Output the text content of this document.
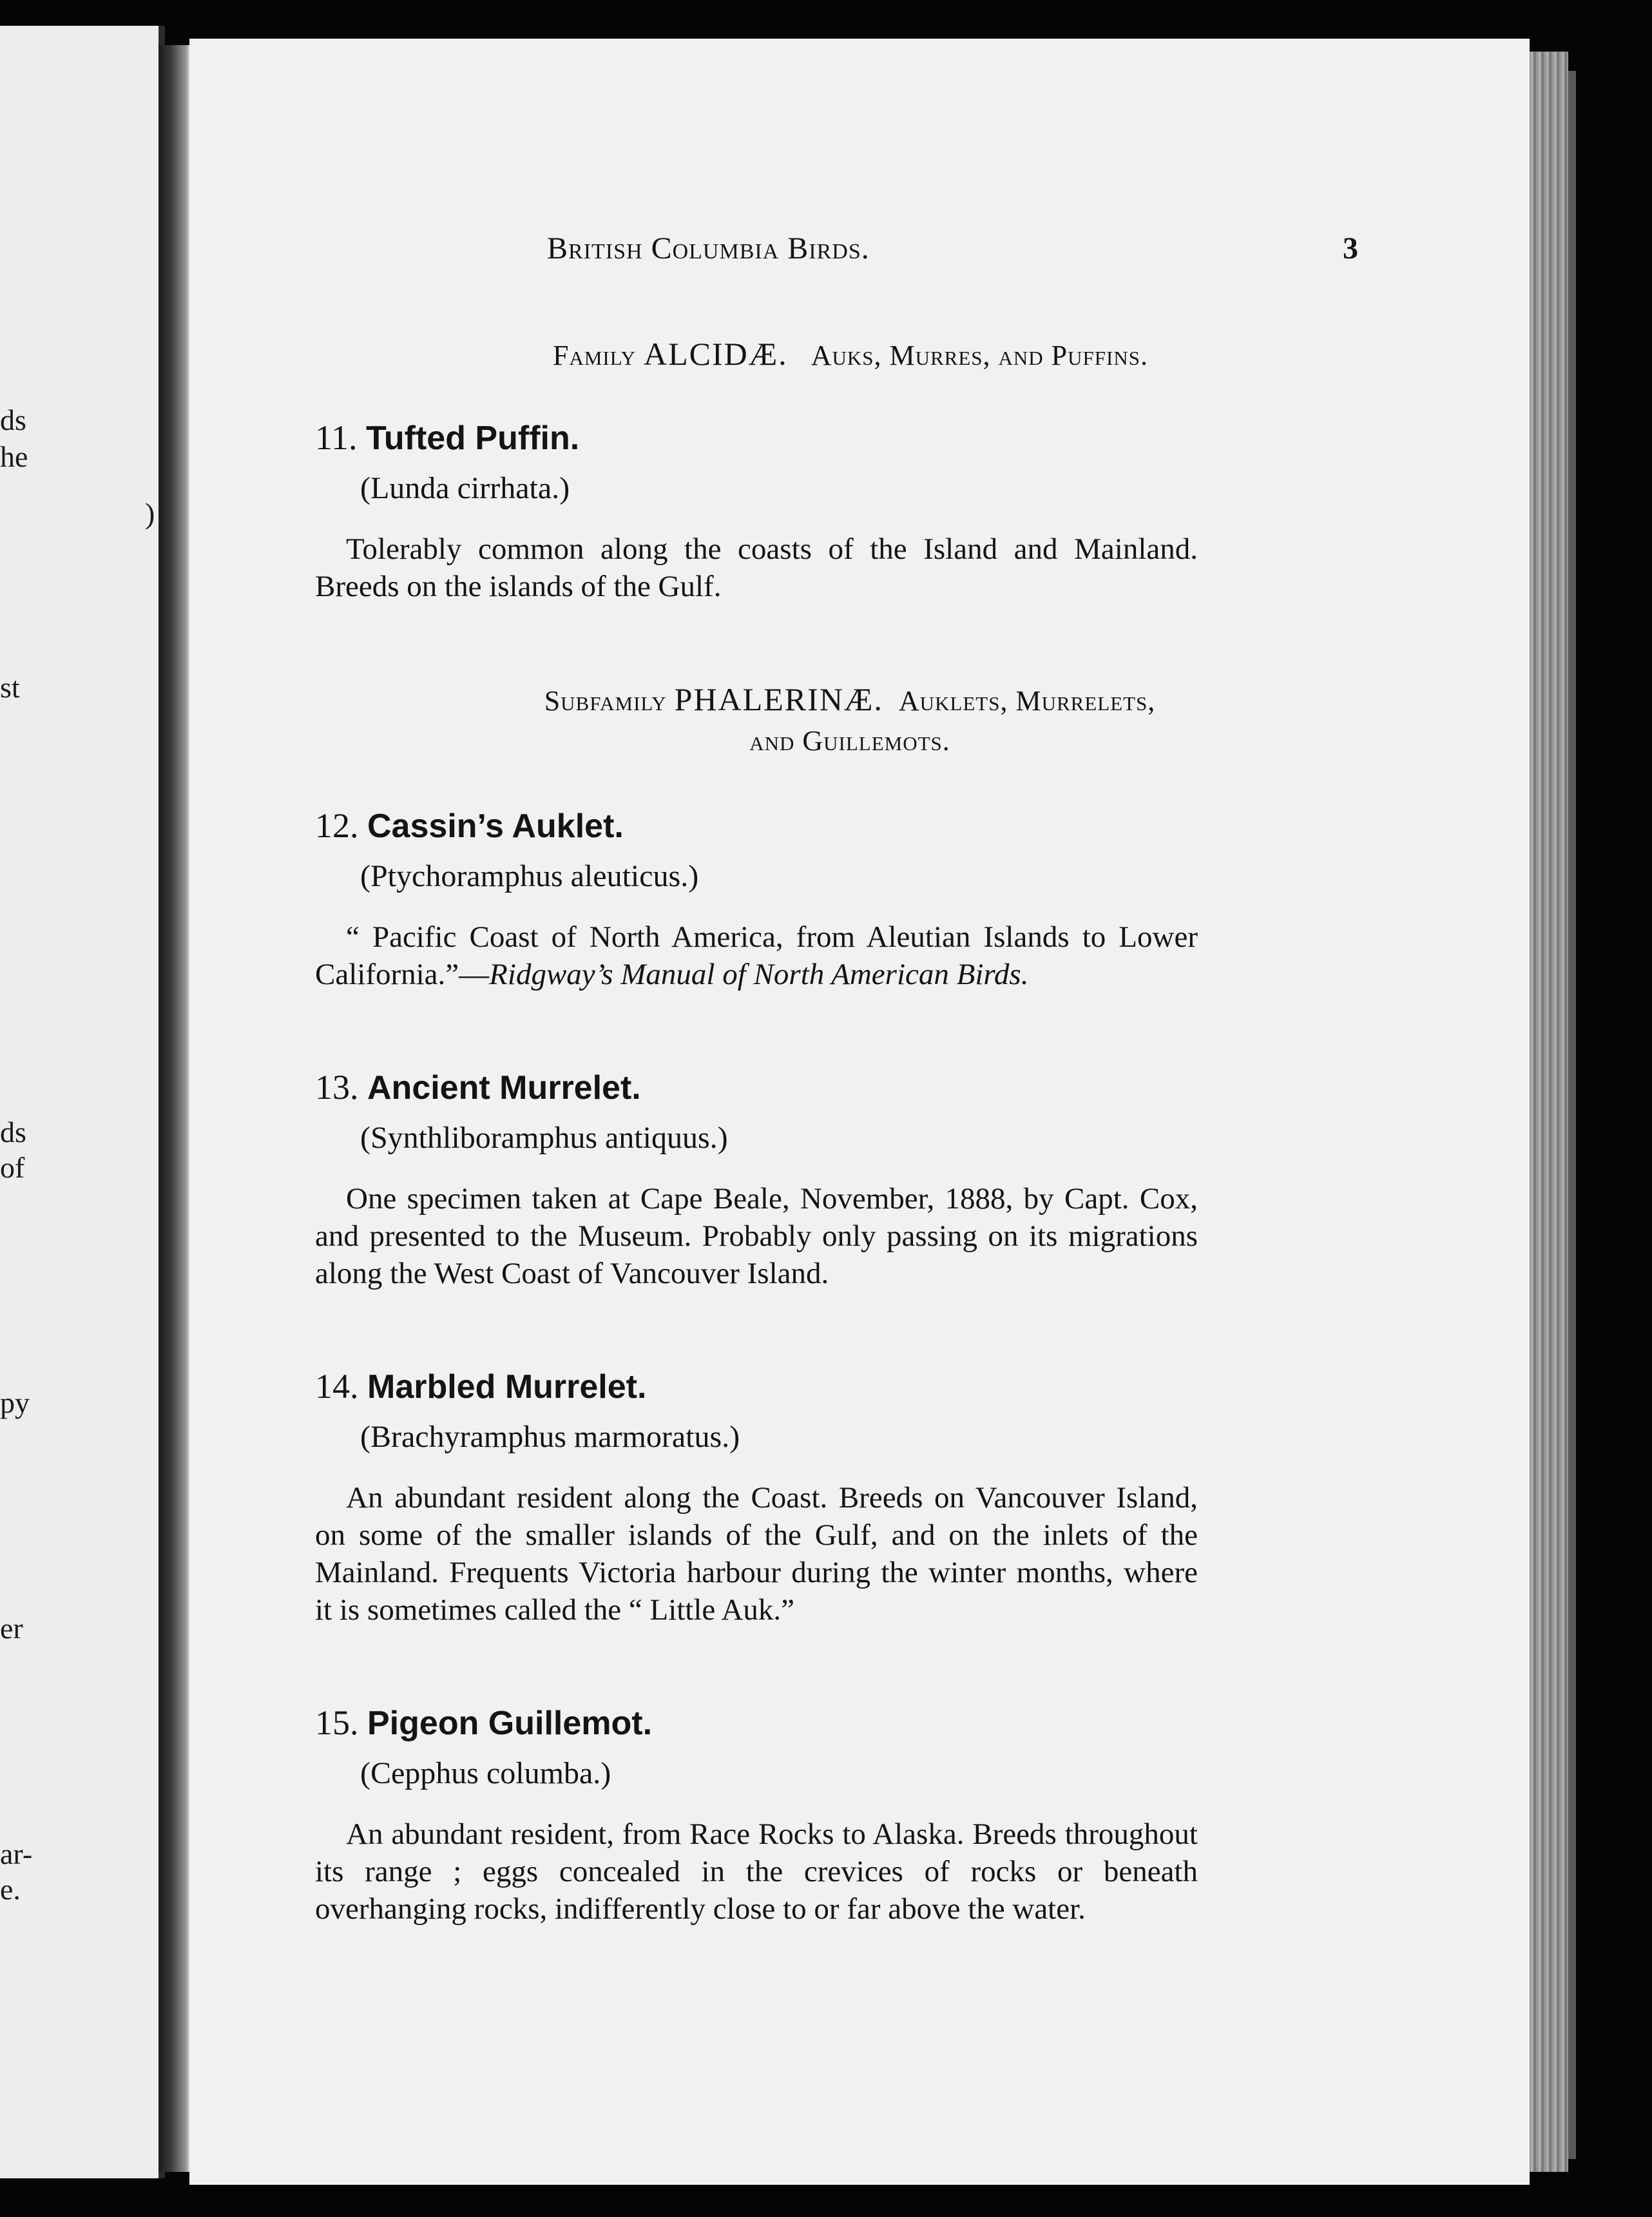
ds
he
)
st
ds
of
py
er
ar-
e.
British Columbia Birds.	3
Family ALCIDÆ. Auks, Murres, and Puffins.
11. Tufted Puffin.
(Lunda cirrhata.)
Tolerably common along the coasts of the Island and Mainland. Breeds on the islands of the Gulf.
Subfamily PHALERINÆ. Auklets, Murrelets,
and Guillemots.
12. Cassin’s Auklet.
(Ptychoramphus aleuticus.)
“ Pacific Coast of North America, from Aleutian Islands to Lower California.”—Ridgway’s Manual of North American Birds.
13. Ancient Murrelet.
(Synthliboramphus antiquus.)
One specimen taken at Cape Beale, November, 1888, by Capt. Cox, and presented to the Museum. Probably only passing on its migrations along the West Coast of Vancouver Island.
14. Marbled Murrelet.
(Brachyramphus marmoratus.)
An abundant resident along the Coast. Breeds on Vancouver Island, on some of the smaller islands of the Gulf, and on the inlets of the Mainland. Frequents Victoria harbour during the winter months, where it is sometimes called the “ Little Auk.”
15. Pigeon Guillemot.
(Cepphus columba.)
An abundant resident, from Race Rocks to Alaska. Breeds throughout its range ; eggs concealed in the crevices of rocks or beneath overhanging rocks, indifferently close to or far above the water.
